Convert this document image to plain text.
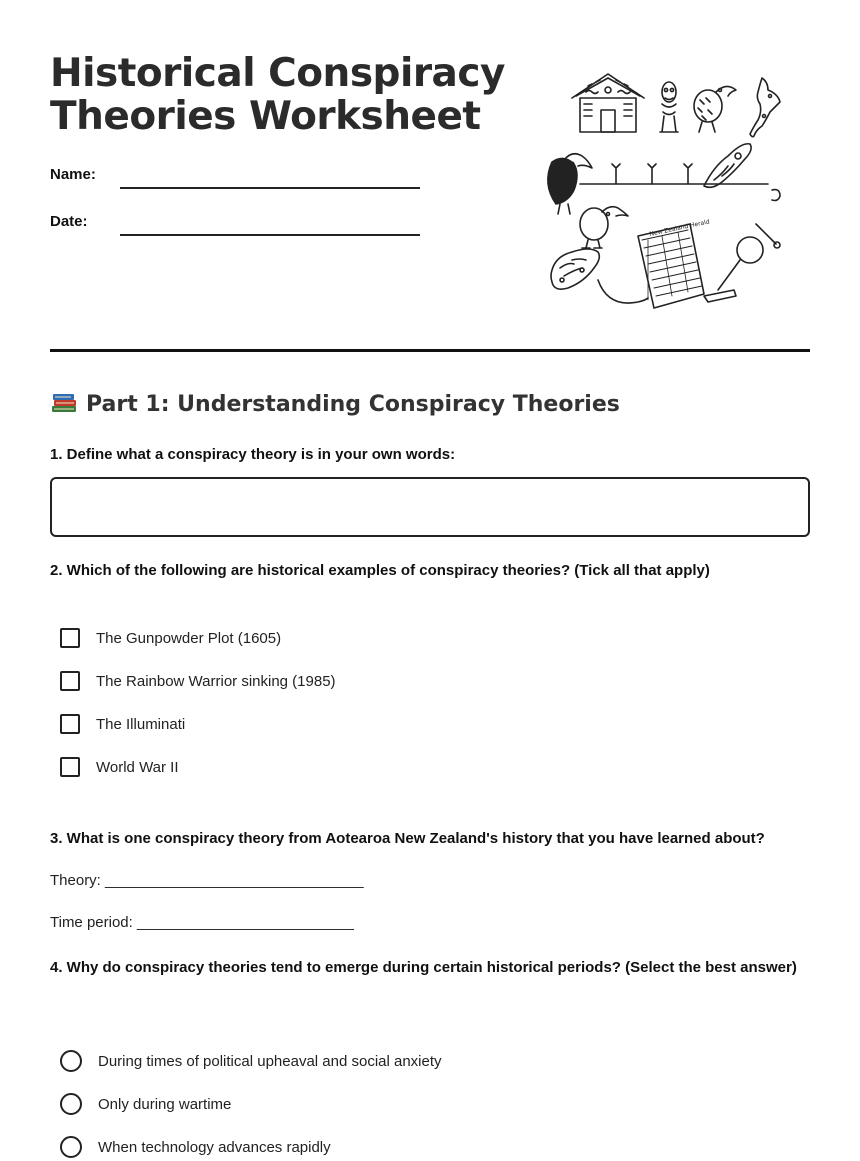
Historical Conspiracy Theories Worksheet
Name:
Date:	New Zealand Herald
Part 1: Understanding Conspiracy Theories

1. Define what a conspiracy theory is in your own words:

2. Which of the following are historical examples of conspiracy theories? (Tick all that apply)

The Gunpowder Plot (1605)
The Rainbow Warrior sinking (1985)
The Illuminati
World War II

3. What is one conspiracy theory from Aotearoa New Zealand's history that you have learned about?

Theory: _______________________________
Time period: __________________________

4. Why do conspiracy theories tend to emerge during certain historical periods? (Select the best answer)

During times of political upheaval and social anxiety
Only during wartime
When technology advances rapidly
